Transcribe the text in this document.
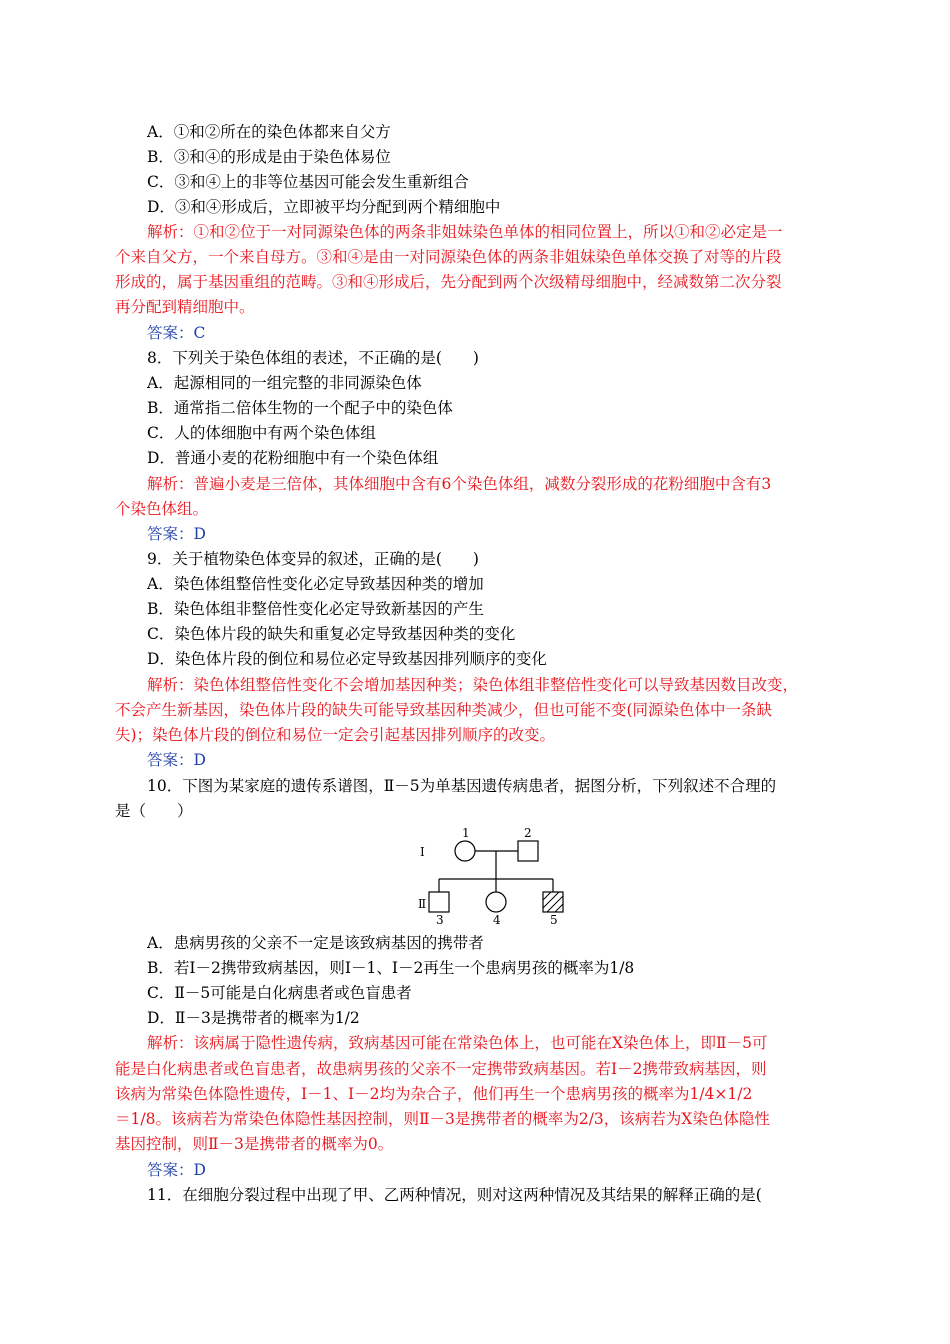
A．①和②所在的染色体都来自父方
B．③和④的形成是由于染色体易位
C．③和④上的非等位基因可能会发生重新组合
D．③和④形成后，立即被平均分配到两个精细胞中
解析：①和②位于一对同源染色体的两条非姐妹染色单体的相同位置上，所以①和②必定是一
个来自父方，一个来自母方。③和④是由一对同源染色体的两条非姐妹染色单体交换了对等的片段
形成的，属于基因重组的范畴。③和④形成后，先分配到两个次级精母细胞中，经减数第二次分裂
再分配到精细胞中。
答案：C
8．下列关于染色体组的表述，不正确的是(　　)
A．起源相同的一组完整的非同源染色体
B．通常指二倍体生物的一个配子中的染色体
C．人的体细胞中有两个染色体组
D．普通小麦的花粉细胞中有一个染色体组
解析：普遍小麦是三倍体，其体细胞中含有6个染色体组，减数分裂形成的花粉细胞中含有3
个染色体组。
答案：D
9．关于植物染色体变异的叙述，正确的是(　　)
A．染色体组整倍性变化必定导致基因种类的增加
B．染色体组非整倍性变化必定导致新基因的产生
C．染色体片段的缺失和重复必定导致基因种类的变化
D．染色体片段的倒位和易位必定导致基因排列顺序的变化
解析：染色体组整倍性变化不会增加基因种类；染色体组非整倍性变化可以导致基因数目改变，
不会产生新基因，染色体片段的缺失可能导致基因种类减少，但也可能不变(同源染色体中一条缺
失)；染色体片段的倒位和易位一定会引起基因排列顺序的改变。
答案：D
10．下图为某家庭的遗传系谱图，Ⅱ－5为单基因遗传病患者，据图分析，下列叙述不合理的
是（　　）
I
Ⅱ
1	2
3	4	5
A．患病男孩的父亲不一定是该致病基因的携带者
B．若Ⅰ－2携带致病基因，则Ⅰ－1、Ⅰ－2再生一个患病男孩的概率为1/8
C．Ⅱ－5可能是白化病患者或色盲患者
D．Ⅱ－3是携带者的概率为1/2
解析：该病属于隐性遗传病，致病基因可能在常染色体上，也可能在X染色体上，即Ⅱ－5可
能是白化病患者或色盲患者，故患病男孩的父亲不一定携带致病基因。若Ⅰ－2携带致病基因，则
该病为常染色体隐性遗传，Ⅰ－1、Ⅰ－2均为杂合子，他们再生一个患病男孩的概率为1/4×1/2
＝1/8。该病若为常染色体隐性基因控制，则Ⅱ－3是携带者的概率为2/3，该病若为X染色体隐性
基因控制，则Ⅱ－3是携带者的概率为0。
答案：D
11．在细胞分裂过程中出现了甲、乙两种情况，则对这两种情况及其结果的解释正确的是(
